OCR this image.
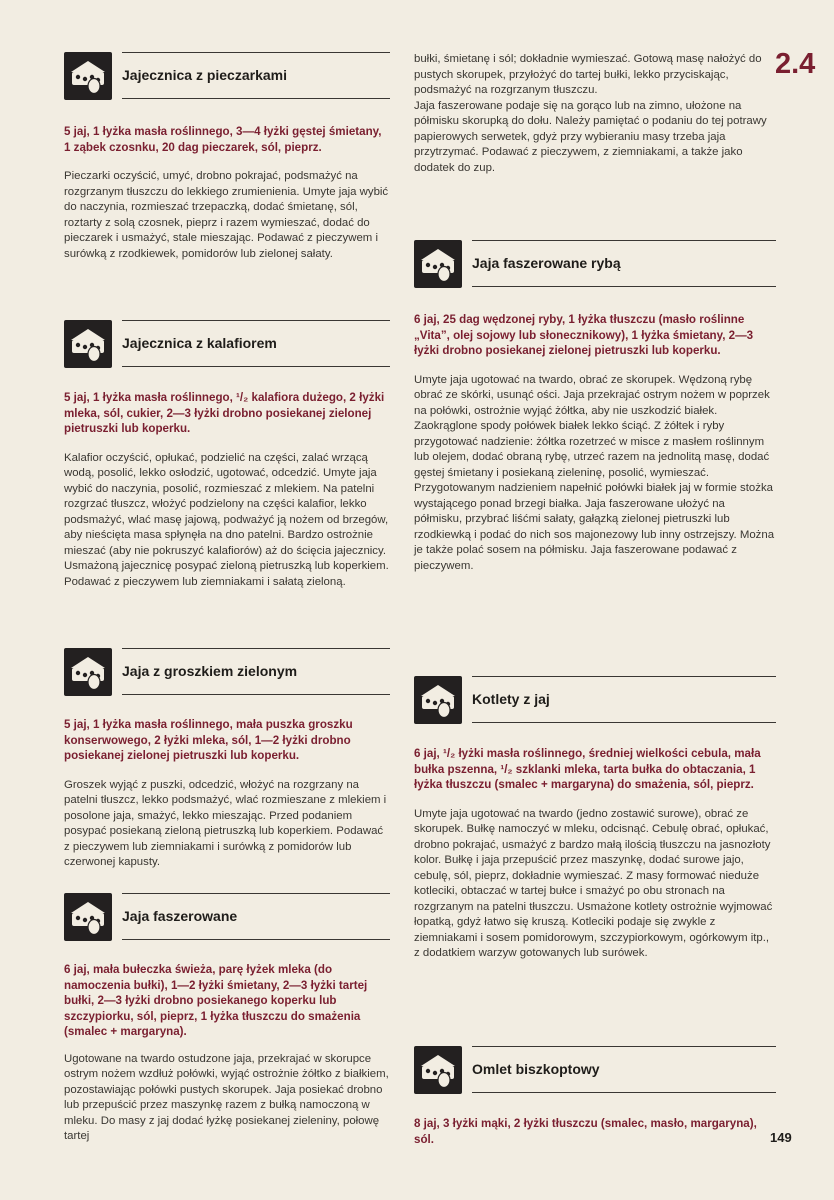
2.4
149
Jajecznica z pieczarkami

5 jaj, 1 łyżka masła roślinnego, 3—4 łyżki gęstej śmietany, 1 ząbek czosnku, 20 dag pieczarek, sól, pieprz.

Pieczarki oczyścić, umyć, drobno pokrajać, podsmażyć na rozgrzanym tłuszczu do lekkiego zrumienienia. Umyte jaja wybić do naczynia, rozmieszać trzepaczką, dodać śmietanę, sól, roztarty z solą czosnek, pieprz i razem wymieszać, dodać do pieczarek i usmażyć, stale mieszając. Podawać z pieczywem i surówką z rzodkiewek, pomidorów lub zielonej sałaty.

Jajecznica z kalafiorem

5 jaj, 1 łyżka masła roślinnego, ¹/₂ kalafiora dużego, 2 łyżki mleka, sól, cukier, 2—3 łyżki drobno posiekanej zielonej pietruszki lub koperku.

Kalafior oczyścić, opłukać, podzielić na części, zalać wrzącą wodą, posolić, lekko osłodzić, ugotować, odcedzić. Umyte jaja wybić do naczynia, posolić, rozmieszać z mlekiem. Na patelni rozgrzać tłuszcz, włożyć podzielony na części kalafior, lekko podsmażyć, wlać masę jajową, podważyć ją nożem od brzegów, aby nieścięta masa spłynęła na dno patelni. Bardzo ostrożnie mieszać (aby nie pokruszyć kalafiorów) aż do ścięcia jajecznicy. Usmażoną jajecznicę posypać zieloną pietruszką lub koperkiem. Podawać z pieczywem lub ziemniakami i sałatą zieloną.

Jaja z groszkiem zielonym

5 jaj, 1 łyżka masła roślinnego, mała puszka groszku konserwowego, 2 łyżki mleka, sól, 1—2 łyżki drobno posiekanej zielonej pietruszki lub koperku.

Groszek wyjąć z puszki, odcedzić, włożyć na rozgrzany na patelni tłuszcz, lekko podsmażyć, wlać rozmieszane z mlekiem i posolone jaja, smażyć, lekko mieszając. Przed podaniem posypać posiekaną zieloną pietruszką lub koperkiem. Podawać z pieczywem lub ziemniakami i surówką z pomidorów lub czerwonej kapusty.

Jaja faszerowane

6 jaj, mała bułeczka świeża, parę łyżek mleka (do namoczenia bułki), 1—2 łyżki śmietany, 2—3 łyżki tartej bułki, 2—3 łyżki drobno posiekanego koperku lub szczypiorku, sól, pieprz, 1 łyżka tłuszczu do smażenia (smalec + margaryna).

Ugotowane na twardo ostudzone jaja, przekrajać w skorupce ostrym nożem wzdłuż połówki, wyjąć ostrożnie żółtko z białkiem, pozostawiając połówki pustych skorupek. Jaja posiekać drobno lub przepuścić przez maszynkę razem z bułką namoczoną w mleku. Do masy z jaj dodać łyżkę posiekanej zieleniny, połowę tartej

bułki, śmietanę i sól; dokładnie wymieszać. Gotową masę nałożyć do pustych skorupek, przyłożyć do tartej bułki, lekko przyciskając, podsmażyć na rozgrzanym tłuszczu.
Jaja faszerowane podaje się na gorąco lub na zimno, ułożone na półmisku skorupką do dołu. Należy pamiętać o podaniu do tej potrawy papierowych serwetek, gdyż przy wybieraniu masy trzeba jaja przytrzymać. Podawać z pieczywem, z ziemniakami, a także jako dodatek do zup.

Jaja faszerowane rybą

6 jaj, 25 dag wędzonej ryby, 1 łyżka tłuszczu (masło roślinne „Vita”, olej sojowy lub słonecznikowy), 1 łyżka śmietany, 2—3 łyżki drobno posiekanej zielonej pietruszki lub koperku.

Umyte jaja ugotować na twardo, obrać ze skorupek. Wędzoną rybę obrać ze skórki, usunąć ości. Jaja przekrajać ostrym nożem w poprzek na połówki, ostrożnie wyjąć żółtka, aby nie uszkodzić białek. Zaokrąglone spody połówek białek lekko ściąć. Z żółtek i ryby przygotować nadzienie: żółtka rozetrzeć w misce z masłem roślinnym lub olejem, dodać obraną rybę, utrzeć razem na jednolitą masę, dodać gęstej śmietany i posiekaną zieleninę, posolić, wymieszać. Przygotowanym nadzieniem napełnić połówki białek jaj w formie stożka wystającego ponad brzegi białka. Jaja faszerowane ułożyć na półmisku, przybrać liśćmi sałaty, gałązką zielonej pietruszki lub rzodkiewką i podać do nich sos majonezowy lub inny ostrzejszy. Można je także polać sosem na półmisku. Jaja faszerowane podawać z pieczywem.

Kotlety z jaj

6 jaj, ¹/₂ łyżki masła roślinnego, średniej wielkości cebula, mała bułka pszenna, ¹/₂ szklanki mleka, tarta bułka do obtaczania, 1 łyżka tłuszczu (smalec + margaryna) do smażenia, sól, pieprz.

Umyte jaja ugotować na twardo (jedno zostawić surowe), obrać ze skorupek. Bułkę namoczyć w mleku, odcisnąć. Cebulę obrać, opłukać, drobno pokrajać, usmażyć z bardzo małą ilością tłuszczu na jasnozłoty kolor. Bułkę i jaja przepuścić przez maszynkę, dodać surowe jajo, cebulę, sól, pieprz, dokładnie wymieszać. Z masy formować nieduże kotleciki, obtaczać w tartej bułce i smażyć po obu stronach na rozgrzanym na patelni tłuszczu. Usmażone kotlety ostrożnie wyjmować łopatką, gdyż łatwo się kruszą. Kotleciki podaje się zwykle z ziemniakami i sosem pomidorowym, szczypiorkowym, ogórkowym itp., z dodatkiem warzyw gotowanych lub surówek.

Omlet biszkoptowy

8 jaj, 3 łyżki mąki, 2 łyżki tłuszczu (smalec, masło, margaryna), sól.
